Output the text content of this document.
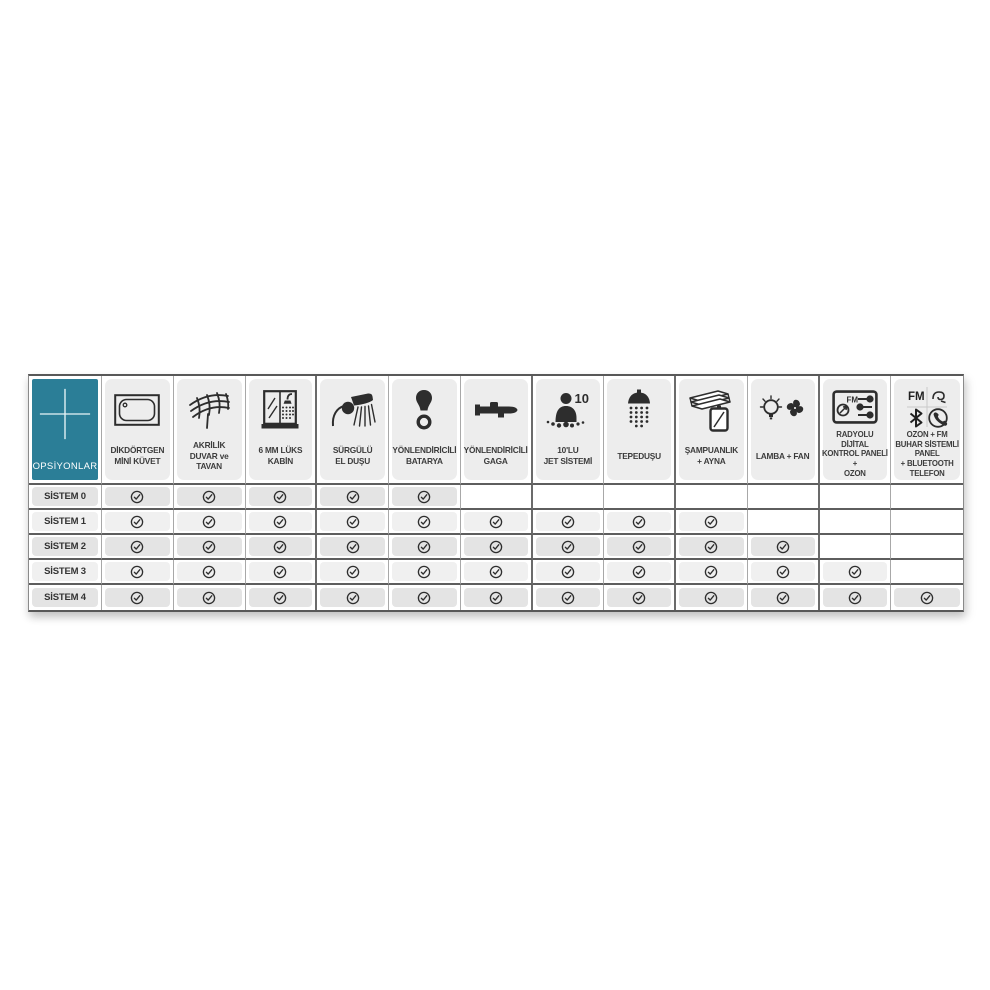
OPSİYONLAR
DİKDÖRTGEN
MİNİ KÜVET
AKRİLİK
DUVAR ve
TAVAN
6 MM LÜKS
KABİN
SÜRGÜLÜ
EL DUŞU
YÖNLENDİRİCİLİ
BATARYA
YÖNLENDİRİCİLİ
GAGA
10
10'LU
JET SİSTEMİ
TEPEDUŞU
ŞAMPUANLIK
+ AYNA
LAMBA + FAN
FM
RADYOLU
DİJİTAL
KONTROL PANELİ
+
OZON
FM
OZON + FM
BUHAR SİSTEMLİ
PANEL
+ BLUETOOTH
TELEFON
SİSTEM 0
SİSTEM 1
SİSTEM 2
SİSTEM 3
SİSTEM 4
